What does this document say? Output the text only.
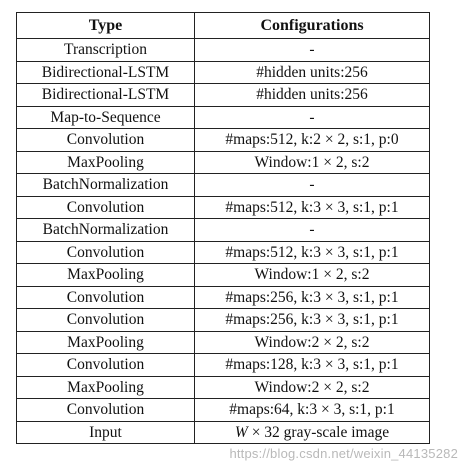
Type	Configurations
Transcription	-
Bidirectional-LSTM	#hidden units:256
Bidirectional-LSTM	#hidden units:256
Map-to-Sequence	-
Convolution	#maps:512, k:2 × 2, s:1, p:0
MaxPooling	Window:1 × 2, s:2
BatchNormalization	-
Convolution	#maps:512, k:3 × 3, s:1, p:1
BatchNormalization	-
Convolution	#maps:512, k:3 × 3, s:1, p:1
MaxPooling	Window:1 × 2, s:2
Convolution	#maps:256, k:3 × 3, s:1, p:1
Convolution	#maps:256, k:3 × 3, s:1, p:1
MaxPooling	Window:2 × 2, s:2
Convolution	#maps:128, k:3 × 3, s:1, p:1
MaxPooling	Window:2 × 2, s:2
Convolution	#maps:64, k:3 × 3, s:1, p:1
Input	W × 32 gray-scale image
https://blog.csdn.net/weixin_44135282
